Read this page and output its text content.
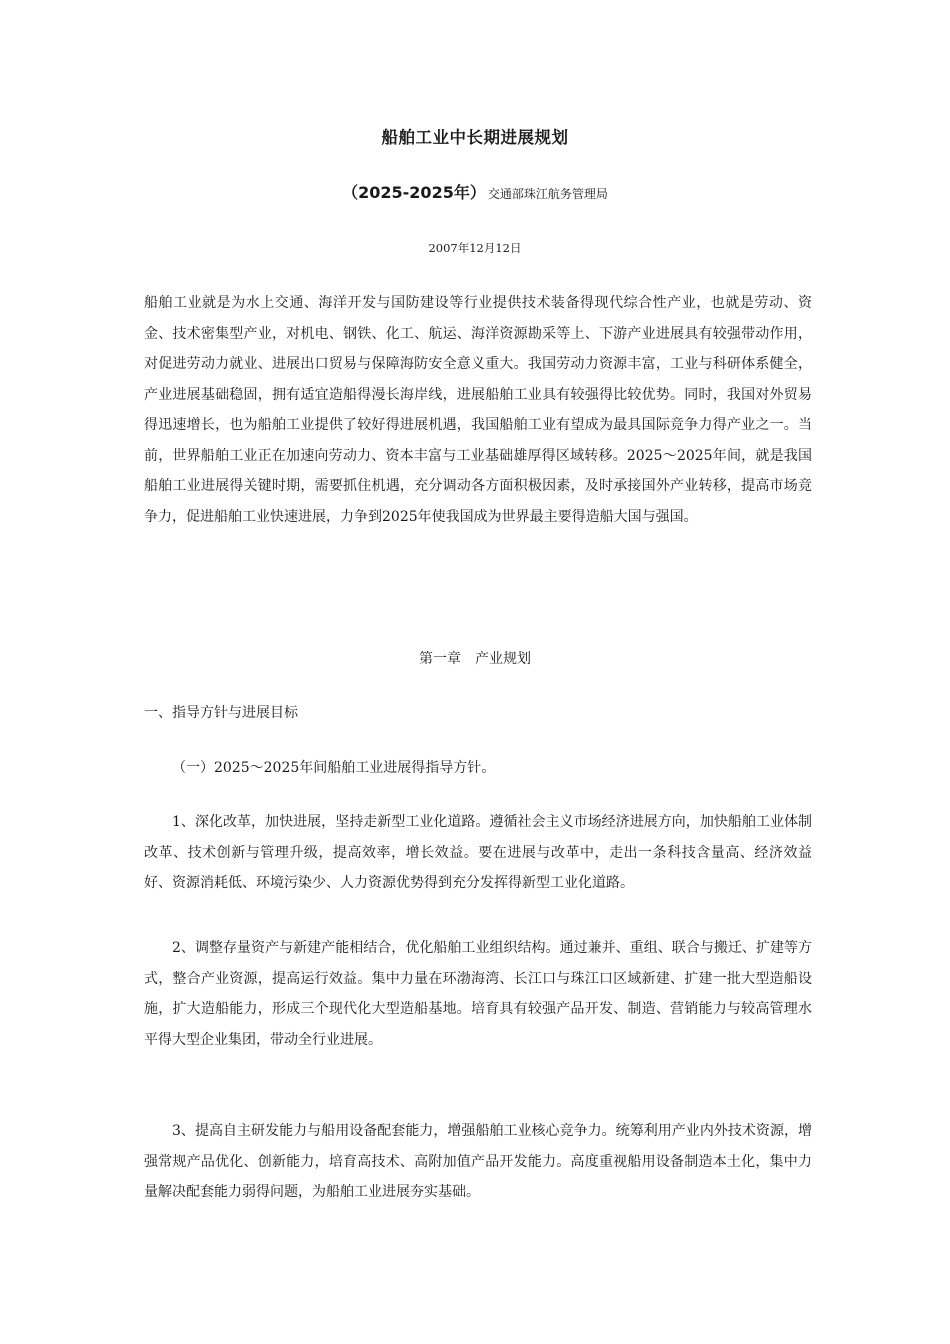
船舶工业中长期进展规划
（2025-2025年） 交通部珠江航务管理局
2007年12月12日

船舶工业就是为水上交通、海洋开发与国防建设等行业提供技术装备得现代综合性产业，也就是劳动、资金、技术密集型产业，对机电、钢铁、化工、航运、海洋资源勘采等上、下游产业进展具有较强带动作用，对促进劳动力就业、进展出口贸易与保障海防安全意义重大。我国劳动力资源丰富，工业与科研体系健全，产业进展基础稳固，拥有适宜造船得漫长海岸线，进展船舶工业具有较强得比较优势。同时，我国对外贸易得迅速增长，也为船舶工业提供了较好得进展机遇，我国船舶工业有望成为最具国际竞争力得产业之一。当前，世界船舶工业正在加速向劳动力、资本丰富与工业基础雄厚得区域转移。2025～2025年间，就是我国船舶工业进展得关键时期，需要抓住机遇，充分调动各方面积极因素，及时承接国外产业转移，提高市场竞争力，促进船舶工业快速进展，力争到2025年使我国成为世界最主要得造船大国与强国。

第一章　产业规划
一、指导方针与进展目标
（一）2025～2025年间船舶工业进展得指导方针。

1、深化改革，加快进展，坚持走新型工业化道路。遵循社会主义市场经济进展方向，加快船舶工业体制改革、技术创新与管理升级，提高效率，增长效益。要在进展与改革中，走出一条科技含量高、经济效益好、资源消耗低、环境污染少、人力资源优势得到充分发挥得新型工业化道路。

2、调整存量资产与新建产能相结合，优化船舶工业组织结构。通过兼并、重组、联合与搬迁、扩建等方式，整合产业资源，提高运行效益。集中力量在环渤海湾、长江口与珠江口区域新建、扩建一批大型造船设施，扩大造船能力，形成三个现代化大型造船基地。培育具有较强产品开发、制造、营销能力与较高管理水平得大型企业集团，带动全行业进展。

3、提高自主研发能力与船用设备配套能力，增强船舶工业核心竞争力。统筹利用产业内外技术资源，增强常规产品优化、创新能力，培育高技术、高附加值产品开发能力。高度重视船用设备制造本土化，集中力量解决配套能力弱得问题，为船舶工业进展夯实基础。
